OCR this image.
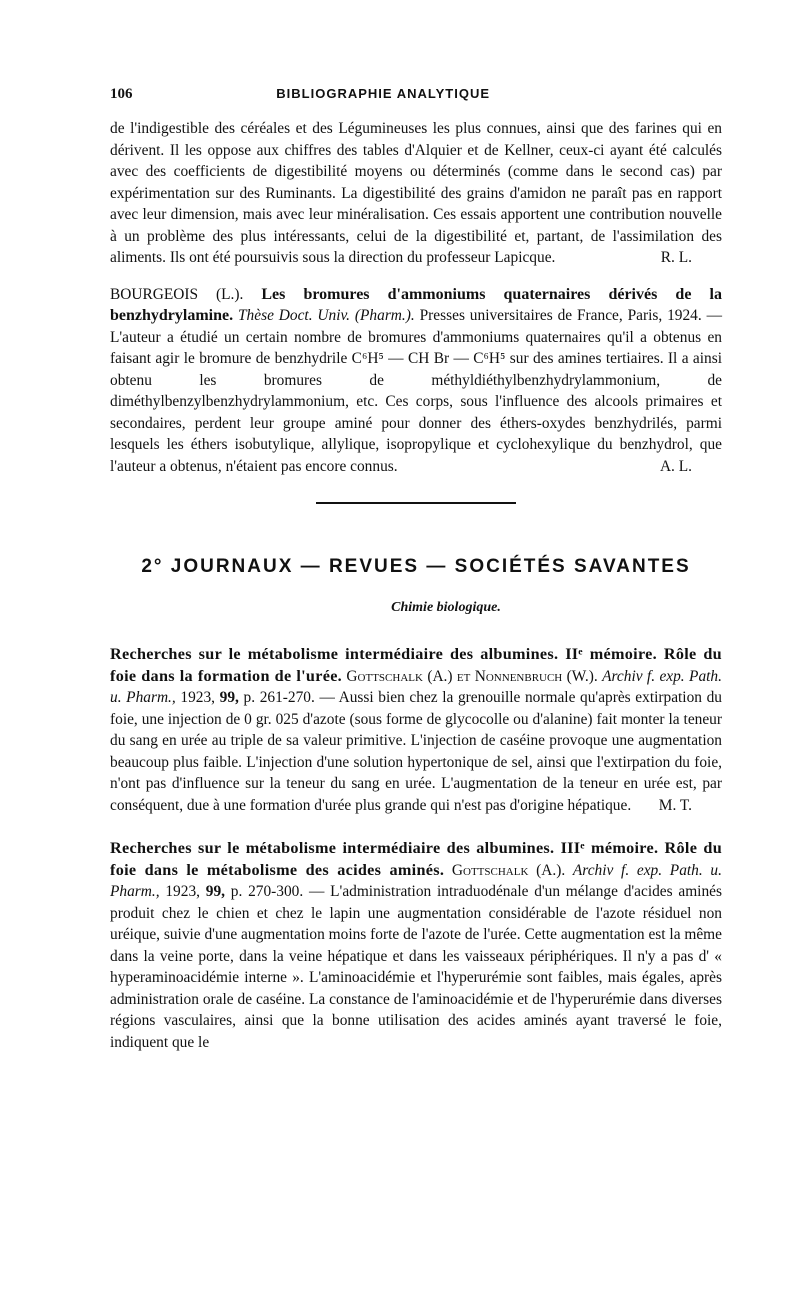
106	BIBLIOGRAPHIE ANALYTIQUE

de l'indigestible des céréales et des Légumineuses les plus connues, ainsi que des farines qui en dérivent. Il les oppose aux chiffres des tables d'Alquier et de Kellner, ceux-ci ayant été calculés avec des coefficients de digestibilité moyens ou déterminés (comme dans le second cas) par expérimentation sur des Ruminants. La digestibilité des grains d'amidon ne paraît pas en rapport avec leur dimension, mais avec leur minéralisation. Ces essais apportent une contribution nouvelle à un problème des plus intéressants, celui de la digestibilité et, partant, de l'assimilation des aliments. Ils ont été poursuivis sous la direction du professeur Lapicque.	R. L.

BOURGEOIS (L.). Les bromures d'ammoniums quaternaires dérivés de la benzhydrylamine. Thèse Doct. Univ. (Pharm.). Presses universitaires de France, Paris, 1924. — L'auteur a étudié un certain nombre de bromures d'ammoniums quaternaires qu'il a obtenus en faisant agir le bromure de benzhydrile C⁶H⁵ — CH Br — C⁶H⁵ sur des amines tertiaires. Il a ainsi obtenu les bromures de méthyldiéthylbenzhydrylammonium, de diméthylbenzylbenzhydrylammonium, etc. Ces corps, sous l'influence des alcools primaires et secondaires, perdent leur groupe aminé pour donner des éthers-oxydes benzhydrilés, parmi lesquels les éthers isobutylique, allylique, isopropylique et cyclohexylique du benzhydrol, que l'auteur a obtenus, n'étaient pas encore connus.	A. L.

2° JOURNAUX — REVUES — SOCIÉTÉS SAVANTES
Chimie biologique.

Recherches sur le métabolisme intermédiaire des albumines. IIᵉ mémoire. Rôle du foie dans la formation de l'urée. Gottschalk (A.) et Nonnenbruch (W.). Archiv f. exp. Path. u. Pharm., 1923, 99, p. 261-270. — Aussi bien chez la grenouille normale qu'après extirpation du foie, une injection de 0 gr. 025 d'azote (sous forme de glycocolle ou d'alanine) fait monter la teneur du sang en urée au triple de sa valeur primitive. L'injection de caséine provoque une augmentation beaucoup plus faible. L'injection d'une solution hypertonique de sel, ainsi que l'extirpation du foie, n'ont pas d'influence sur la teneur du sang en urée. L'augmentation de la teneur en urée est, par conséquent, due à une formation d'urée plus grande qui n'est pas d'origine hépatique. M. T.

Recherches sur le métabolisme intermédiaire des albumines. IIIᵉ mémoire. Rôle du foie dans le métabolisme des acides aminés. Gottschalk (A.). Archiv f. exp. Path. u. Pharm., 1923, 99, p. 270-300. — L'administration intraduodénale d'un mélange d'acides aminés produit chez le chien et chez le lapin une augmentation considérable de l'azote résiduel non uréique, suivie d'une augmentation moins forte de l'azote de l'urée. Cette augmentation est la même dans la veine porte, dans la veine hépatique et dans les vaisseaux périphériques. Il n'y a pas d' « hyperaminoacidémie interne ». L'aminoacidémie et l'hyperurémie sont faibles, mais égales, après administration orale de caséine. La constance de l'aminoacidémie et de l'hyperurémie dans diverses régions vasculaires, ainsi que la bonne utilisation des acides aminés ayant traversé le foie, indiquent que le
